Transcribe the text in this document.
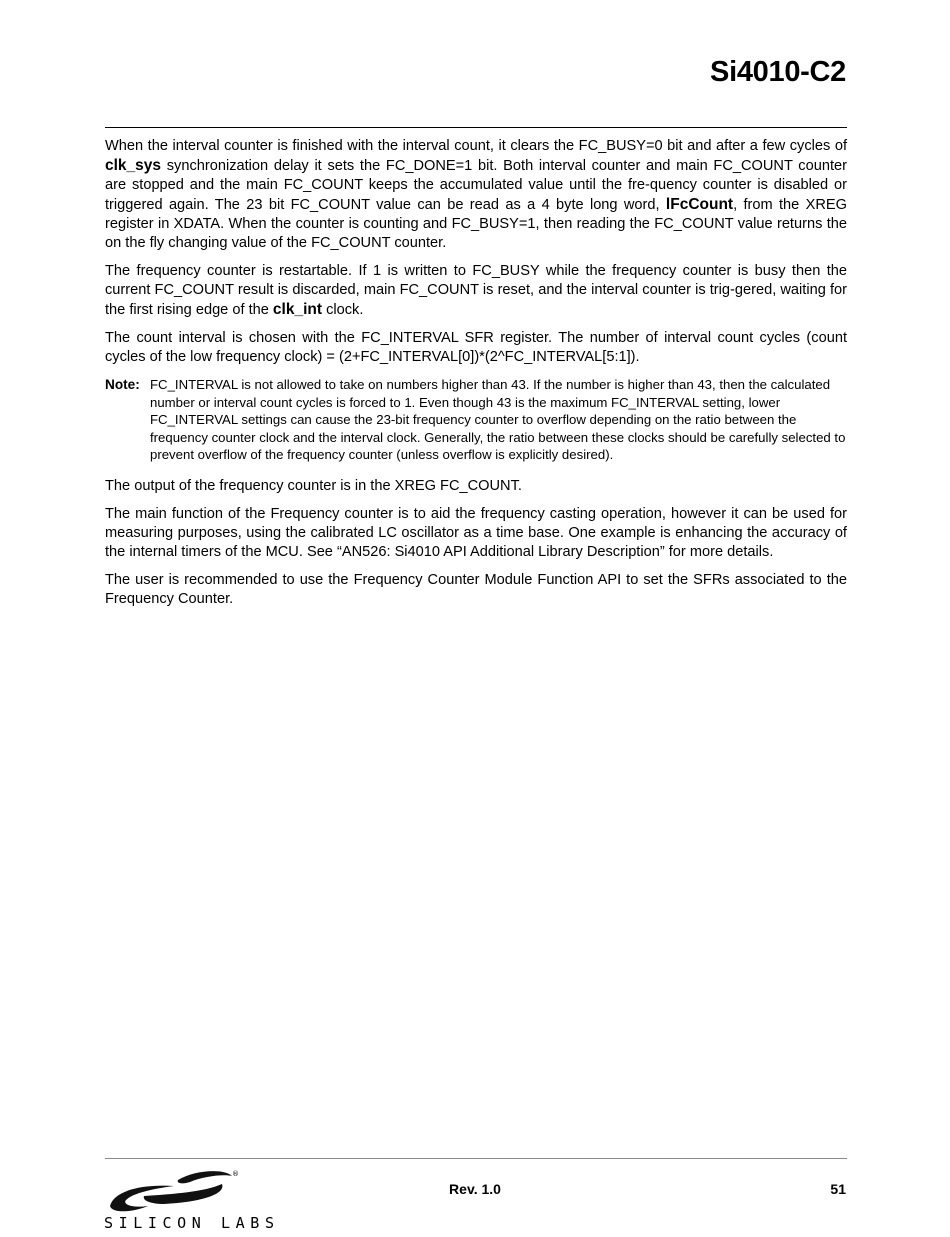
Si4010-C2

When the interval counter is finished with the interval count, it clears the FC_BUSY=0 bit and after a few cycles of clk_sys synchronization delay it sets the FC_DONE=1 bit. Both interval counter and main FC_COUNT counter are stopped and the main FC_COUNT keeps the accumulated value until the fre-quency counter is disabled or triggered again. The 23 bit FC_COUNT value can be read as a 4 byte long word, lFcCount, from the XREG register in XDATA. When the counter is counting and FC_BUSY=1, then reading the FC_COUNT value returns the on the fly changing value of the FC_COUNT counter.

The frequency counter is restartable. If 1 is written to FC_BUSY while the frequency counter is busy then the current FC_COUNT result is discarded, main FC_COUNT is reset, and the interval counter is trig-gered, waiting for the first rising edge of the clk_int clock.

The count interval is chosen with the FC_INTERVAL SFR register. The number of interval count cycles (count cycles of the low frequency clock) = (2+FC_INTERVAL[0])*(2^FC_INTERVAL[5:1]).

Note: FC_INTERVAL is not allowed to take on numbers higher than 43. If the number is higher than 43, then the calculated number or interval count cycles is forced to 1. Even though 43 is the maximum FC_INTERVAL setting, lower FC_INTERVAL settings can cause the 23-bit frequency counter to overflow depending on the ratio between the frequency counter clock and the interval clock. Generally, the ratio between these clocks should be carefully selected to prevent overflow of the frequency counter (unless overflow is explicitly desired).

The output of the frequency counter is in the XREG FC_COUNT.

The main function of the Frequency counter is to aid the frequency casting operation, however it can be used for measuring purposes, using the calibrated LC oscillator as a time base. One example is enhancing the accuracy of the internal timers of the MCU. See “AN526: Si4010 API Additional Library Description” for more details.

The user is recommended to use the Frequency Counter Module Function API to set the SFRs associated to the Frequency Counter.

®
SILICON LABS
Rev. 1.0	51
